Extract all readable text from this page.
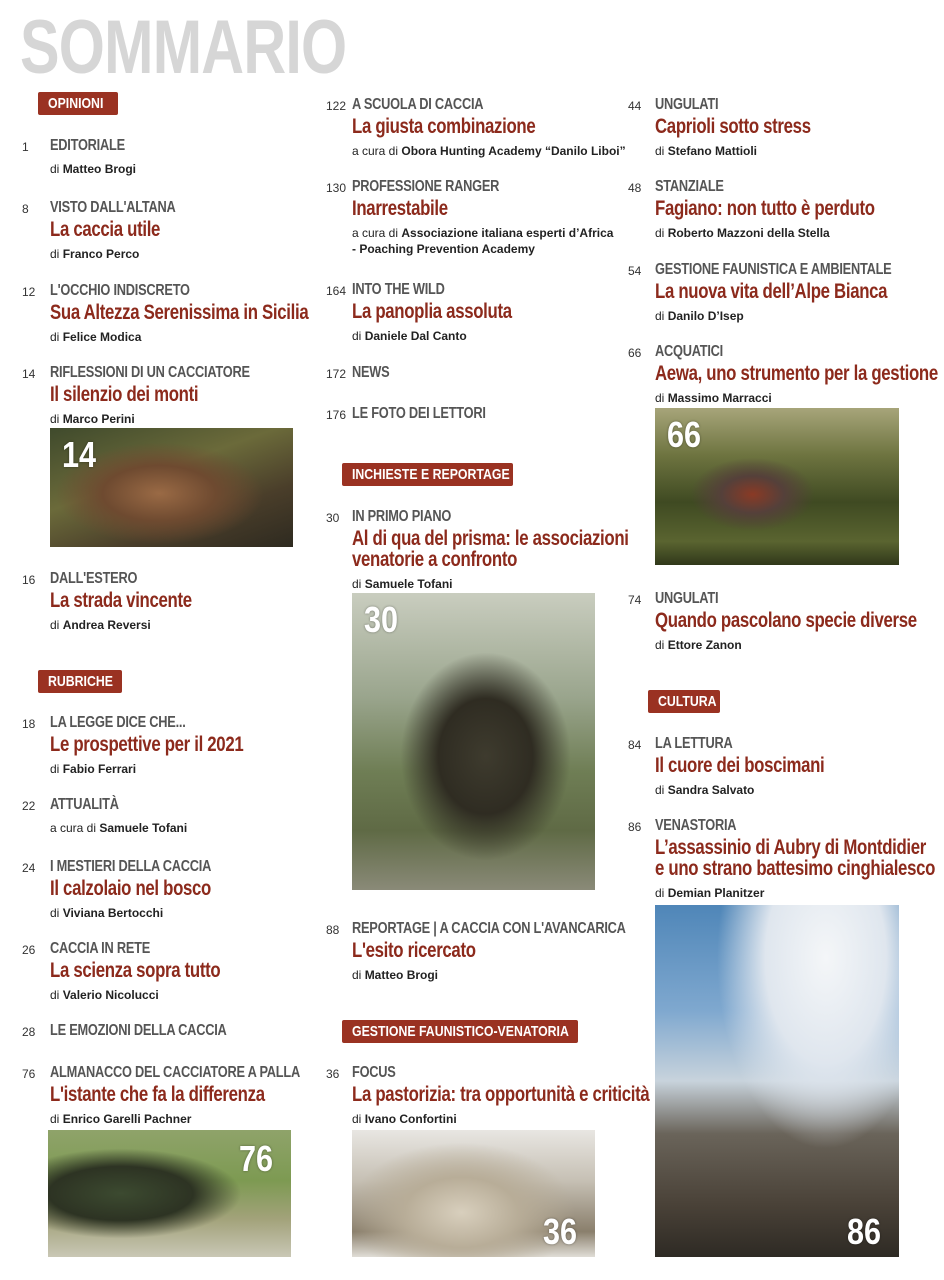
SOMMARIO
OPINIONI
1 EDITORIALE
di Matteo Brogi
8 VISTO DALL'ALTANA
La caccia utile
di Franco Perco
12 L'OCCHIO INDISCRETO
Sua Altezza Serenissima in Sicilia
di Felice Modica
14 RIFLESSIONI DI UN CACCIATORE
Il silenzio dei monti
di Marco Perini
14
16 DALL'ESTERO
La strada vincente
di Andrea Reversi
RUBRICHE
18 LA LEGGE DICE CHE...
Le prospettive per il 2021
di Fabio Ferrari
22 ATTUALITÀ
a cura di Samuele Tofani
24 I MESTIERI DELLA CACCIA
Il calzolaio nel bosco
di Viviana Bertocchi
26 CACCIA IN RETE
La scienza sopra tutto
di Valerio Nicolucci
28 LE EMOZIONI DELLA CACCIA
76 ALMANACCO DEL CACCIATORE A PALLA
L'istante che fa la differenza
di Enrico Garelli Pachner
76
122 A SCUOLA DI CACCIA
La giusta combinazione
a cura di Obora Hunting Academy “Danilo Liboi”
130 PROFESSIONE RANGER
Inarrestabile
a cura di Associazione italiana esperti d’Africa
- Poaching Prevention Academy
164 INTO THE WILD
La panoplia assoluta
di Daniele Dal Canto
172 NEWS
176 LE FOTO DEI LETTORI
INCHIESTE E REPORTAGE
30 IN PRIMO PIANO
Al di qua del prisma: le associazioni
venatorie a confronto
di Samuele Tofani
30
88 REPORTAGE | A CACCIA CON L'AVANCARICA
L'esito ricercato
di Matteo Brogi
GESTIONE FAUNISTICO-VENATORIA
36 FOCUS
La pastorizia: tra opportunità e criticità
di Ivano Confortini
36
44 UNGULATI
Caprioli sotto stress
di Stefano Mattioli
48 STANZIALE
Fagiano: non tutto è perduto
di Roberto Mazzoni della Stella
54 GESTIONE FAUNISTICA E AMBIENTALE
La nuova vita dell’Alpe Bianca
di Danilo D’Isep
66 ACQUATICI
Aewa, uno strumento per la gestione
di Massimo Marracci
66
74 UNGULATI
Quando pascolano specie diverse
di Ettore Zanon
CULTURA
84 LA LETTURA
Il cuore dei boscimani
di Sandra Salvato
86 VENASTORIA
L’assassinio di Aubry di Montdidier
e uno strano battesimo cinghialesco
di Demian Planitzer
86
